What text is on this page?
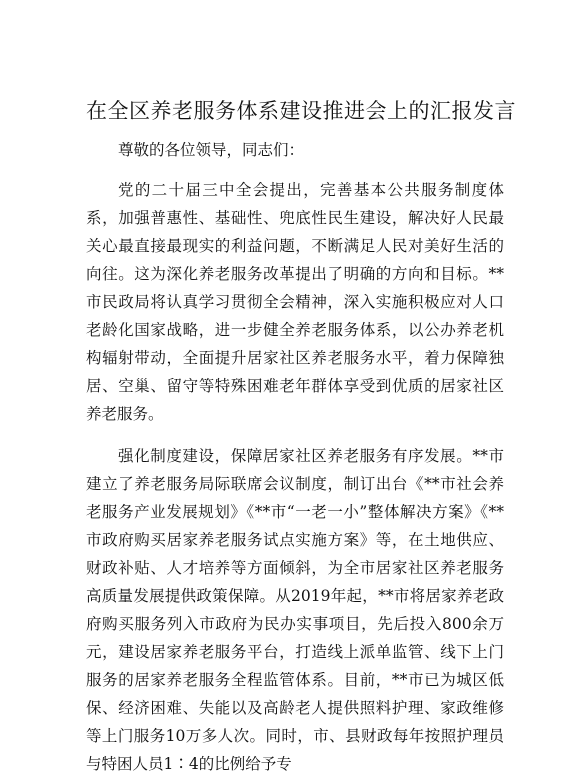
在全区养老服务体系建设推进会上的汇报发言

尊敬的各位领导，同志们：

党的二十届三中全会提出，完善基本公共服务制度体系，加强普惠性、基础性、兜底性民生建设，解决好人民最关心最直接最现实的利益问题，不断满足人民对美好生活的向往。这为深化养老服务改革提出了明确的方向和目标。**市民政局将认真学习贯彻全会精神，深入实施积极应对人口老龄化国家战略，进一步健全养老服务体系，以公办养老机构辐射带动，全面提升居家社区养老服务水平，着力保障独居、空巢、留守等特殊困难老年群体享受到优质的居家社区养老服务。

强化制度建设，保障居家社区养老服务有序发展。**市建立了养老服务局际联席会议制度，制订出台《**市社会养老服务产业发展规划》《**市“一老一小”整体解决方案》《**市政府购买居家养老服务试点实施方案》等，在土地供应、财政补贴、人才培养等方面倾斜，为全市居家社区养老服务高质量发展提供政策保障。从2019年起，**市将居家养老政府购买服务列入市政府为民办实事项目，先后投入800余万元，建设居家养老服务平台，打造线上派单监管、线下上门服务的居家养老服务全程监管体系。目前，**市已为城区低保、经济困难、失能以及高龄老人提供照料护理、家政维修等上门服务10万多人次。同时，市、县财政每年按照护理员与特困人员1∶4的比例给予专
